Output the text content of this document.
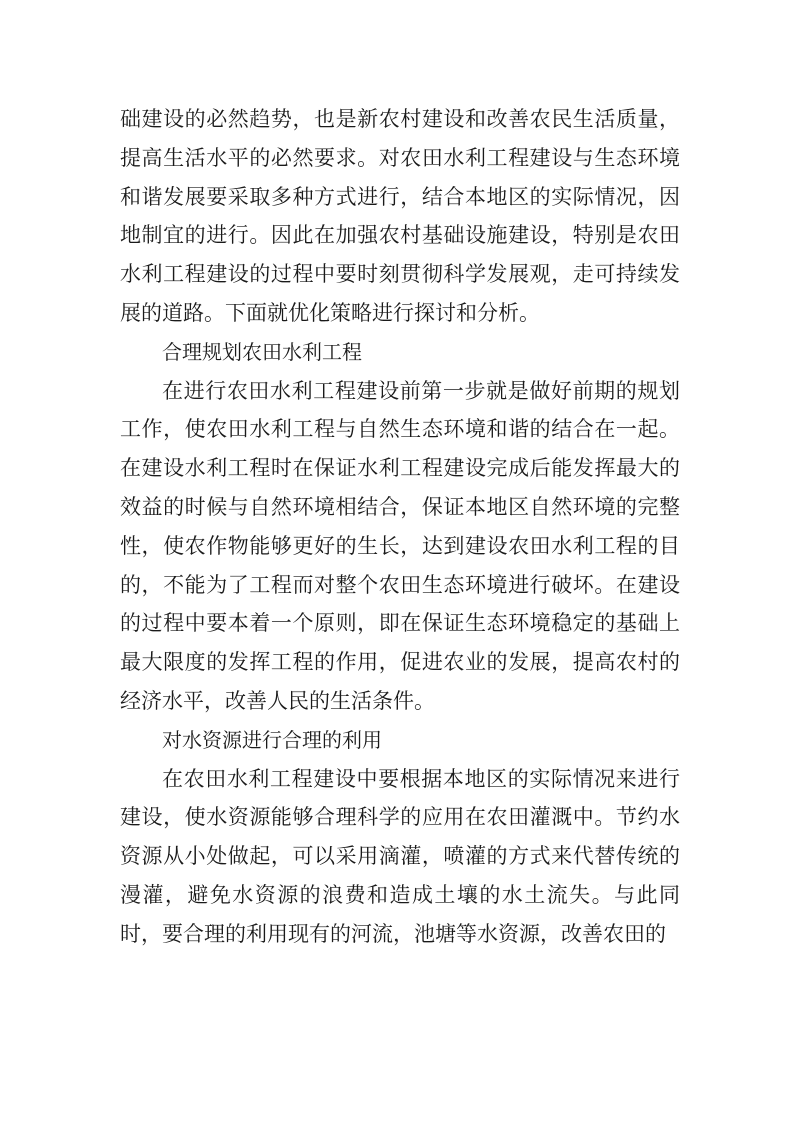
础建设的必然趋势，也是新农村建设和改善农民生活质量，提高生活水平的必然要求。对农田水利工程建设与生态环境和谐发展要采取多种方式进行，结合本地区的实际情况，因地制宜的进行。因此在加强农村基础设施建设，特别是农田水利工程建设的过程中要时刻贯彻科学发展观，走可持续发展的道路。下面就优化策略进行探讨和分析。

合理规划农田水利工程

在进行农田水利工程建设前第一步就是做好前期的规划工作，使农田水利工程与自然生态环境和谐的结合在一起。在建设水利工程时在保证水利工程建设完成后能发挥最大的效益的时候与自然环境相结合，保证本地区自然环境的完整性，使农作物能够更好的生长，达到建设农田水利工程的目的，不能为了工程而对整个农田生态环境进行破坏。在建设的过程中要本着一个原则，即在保证生态环境稳定的基础上最大限度的发挥工程的作用，促进农业的发展，提高农村的经济水平，改善人民的生活条件。

对水资源进行合理的利用

在农田水利工程建设中要根据本地区的实际情况来进行建设，使水资源能够合理科学的应用在农田灌溉中。节约水资源从小处做起，可以采用滴灌，喷灌的方式来代替传统的漫灌，避免水资源的浪费和造成土壤的水土流失。与此同时，要合理的利用现有的河流，池塘等水资源，改善农田的
